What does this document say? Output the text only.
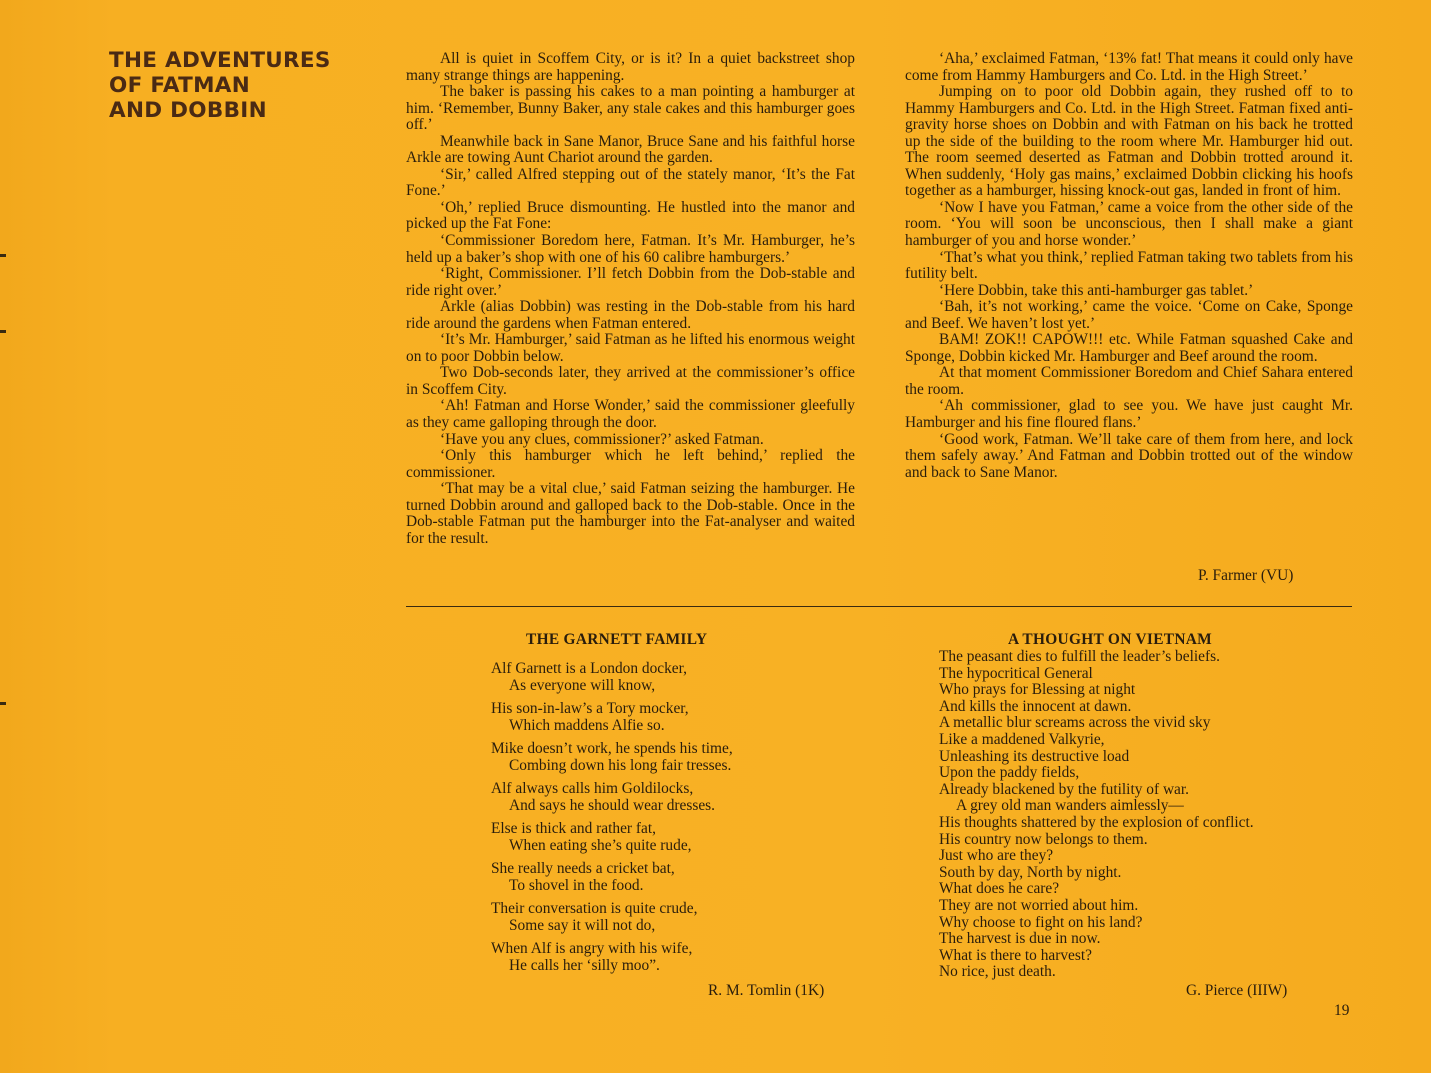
THE ADVENTURES
OF FATMAN
AND DOBBIN

All is quiet in Scoffem City, or is it? In a quiet backstreet shop many strange things are happening.

The baker is passing his cakes to a man pointing a hamburger at him. ‘Remember, Bunny Baker, any stale cakes and this hamburger goes off.’

Meanwhile back in Sane Manor, Bruce Sane and his faithful horse Arkle are towing Aunt Chariot around the garden.

‘Sir,’ called Alfred stepping out of the stately manor, ‘It’s the Fat Fone.’

‘Oh,’ replied Bruce dismounting. He hustled into the manor and picked up the Fat Fone:

‘Commissioner Boredom here, Fatman. It’s Mr. Hamburger, he’s held up a baker’s shop with one of his 60 calibre hamburgers.’

‘Right, Commissioner. I’ll fetch Dobbin from the Dob-stable and ride right over.’

Arkle (alias Dobbin) was resting in the Dob-stable from his hard ride around the gardens when Fatman entered.

‘It’s Mr. Hamburger,’ said Fatman as he lifted his enormous weight on to poor Dobbin below.

Two Dob-seconds later, they arrived at the commissioner’s office in Scoffem City.

‘Ah! Fatman and Horse Wonder,’ said the commissioner gleefully as they came galloping through the door.

‘Have you any clues, commissioner?’ asked Fatman.

‘Only this hamburger which he left behind,’ replied the commissioner.

‘That may be a vital clue,’ said Fatman seizing the hamburger. He turned Dobbin around and galloped back to the Dob-stable. Once in the Dob-stable Fatman put the hamburger into the Fat-analyser and waited for the result.

‘Aha,’ exclaimed Fatman, ‘13% fat! That means it could only have come from Hammy Hamburgers and Co. Ltd. in the High Street.’

Jumping on to poor old Dobbin again, they rushed off to to Hammy Hamburgers and Co. Ltd. in the High Street. Fatman fixed anti-gravity horse shoes on Dobbin and with Fatman on his back he trotted up the side of the building to the room where Mr. Hamburger hid out. The room seemed deserted as Fatman and Dobbin trotted around it. When suddenly, ‘Holy gas mains,’ exclaimed Dobbin clicking his hoofs together as a hamburger, hissing knock-out gas, landed in front of him.

‘Now I have you Fatman,’ came a voice from the other side of the room. ‘You will soon be unconscious, then I shall make a giant hamburger of you and horse wonder.’

‘That’s what you think,’ replied Fatman taking two tablets from his futility belt.

‘Here Dobbin, take this anti-hamburger gas tablet.’

‘Bah, it’s not working,’ came the voice. ‘Come on Cake, Sponge and Beef. We haven’t lost yet.’

BAM! ZOK!! CAPOW!!! etc. While Fatman squashed Cake and Sponge, Dobbin kicked Mr. Hamburger and Beef around the room.

At that moment Commissioner Boredom and Chief Sahara entered the room.

‘Ah commissioner, glad to see you. We have just caught Mr. Hamburger and his fine floured flans.’

‘Good work, Fatman. We’ll take care of them from here, and lock them safely away.’ And Fatman and Dobbin trotted out of the window and back to Sane Manor.

P. Farmer (VU)
THE GARNETT FAMILY
Alf Garnett is a London docker,
As everyone will know,
His son-in-law’s a Tory mocker,
Which maddens Alfie so.
Mike doesn’t work, he spends his time,
Combing down his long fair tresses.
Alf always calls him Goldilocks,
And says he should wear dresses.
Else is thick and rather fat,
When eating she’s quite rude,
She really needs a cricket bat,
To shovel in the food.
Their conversation is quite crude,
Some say it will not do,
When Alf is angry with his wife,
He calls her ‘silly moo”.
R. M. Tomlin (1K)
A THOUGHT ON VIETNAM
The peasant dies to fulfill the leader’s beliefs.
The hypocritical General
Who prays for Blessing at night
And kills the innocent at dawn.
A metallic blur screams across the vivid sky
Like a maddened Valkyrie,
Unleashing its destructive load
Upon the paddy fields,
Already blackened by the futility of war.
A grey old man wanders aimlessly—
His thoughts shattered by the explosion of conflict.
His country now belongs to them.
Just who are they?
South by day, North by night.
What does he care?
They are not worried about him.
Why choose to fight on his land?
The harvest is due in now.
What is there to harvest?
No rice, just death.
G. Pierce (IIIW)
19
